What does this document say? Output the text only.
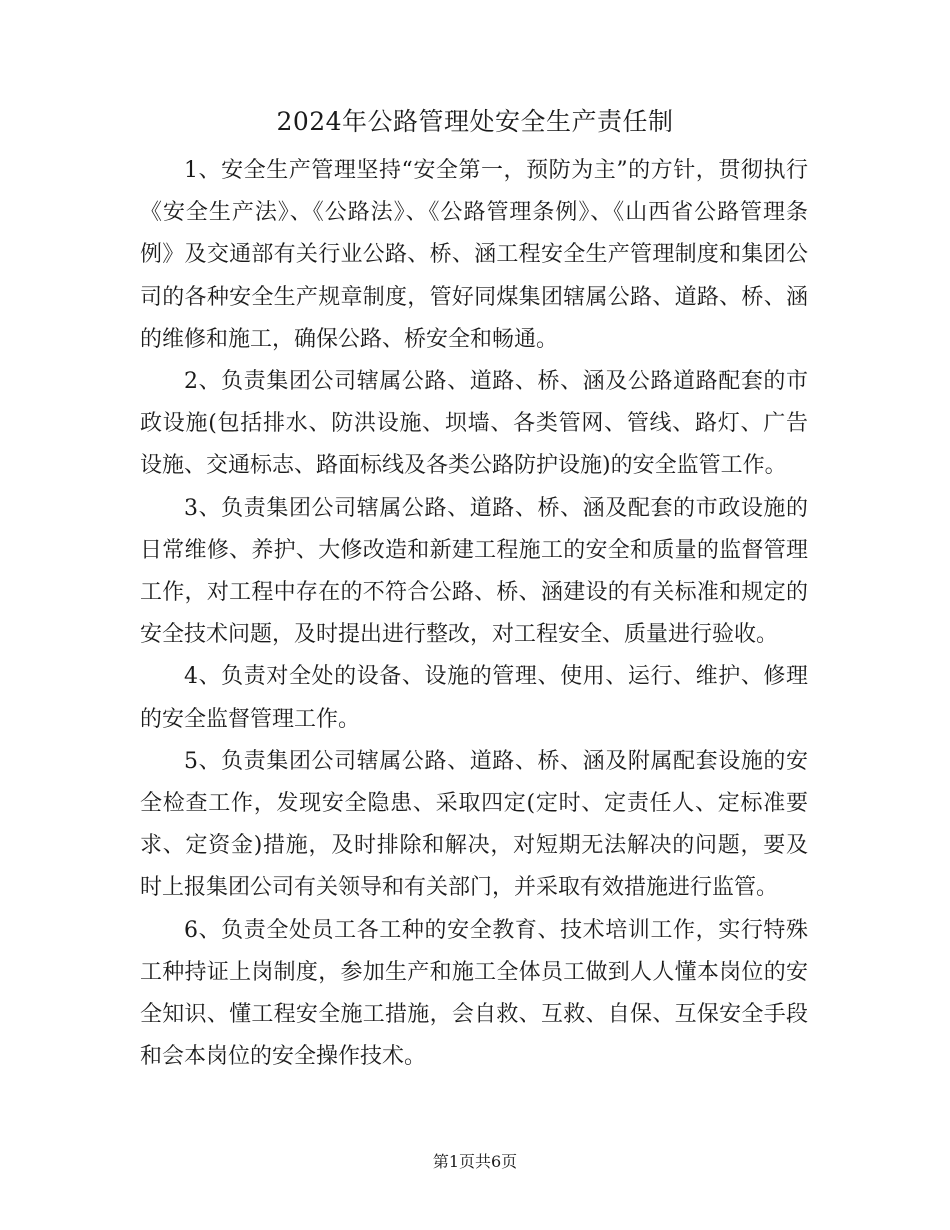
2024年公路管理处安全生产责任制

1、安全生产管理坚持“安全第一，预防为主”的方针，贯彻执行《安全生产法》、《公路法》、《公路管理条例》、《山西省公路管理条例》及交通部有关行业公路、桥、涵工程安全生产管理制度和集团公司的各种安全生产规章制度，管好同煤集团辖属公路、道路、桥、涵的维修和施工，确保公路、桥安全和畅通。

2、负责集团公司辖属公路、道路、桥、涵及公路道路配套的市政设施(包括排水、防洪设施、坝墙、各类管网、管线、路灯、广告设施、交通标志、路面标线及各类公路防护设施)的安全监管工作。

3、负责集团公司辖属公路、道路、桥、涵及配套的市政设施的日常维修、养护、大修改造和新建工程施工的安全和质量的监督管理工作，对工程中存在的不符合公路、桥、涵建设的有关标准和规定的安全技术问题，及时提出进行整改，对工程安全、质量进行验收。

4、负责对全处的设备、设施的管理、使用、运行、维护、修理的安全监督管理工作。

5、负责集团公司辖属公路、道路、桥、涵及附属配套设施的安全检查工作，发现安全隐患、采取四定(定时、定责任人、定标准要求、定资金)措施，及时排除和解决，对短期无法解决的问题，要及时上报集团公司有关领导和有关部门，并采取有效措施进行监管。

6、负责全处员工各工种的安全教育、技术培训工作，实行特殊工种持证上岗制度，参加生产和施工全体员工做到人人懂本岗位的安全知识、懂工程安全施工措施，会自救、互救、自保、互保安全手段和会本岗位的安全操作技术。

第1页共6页
